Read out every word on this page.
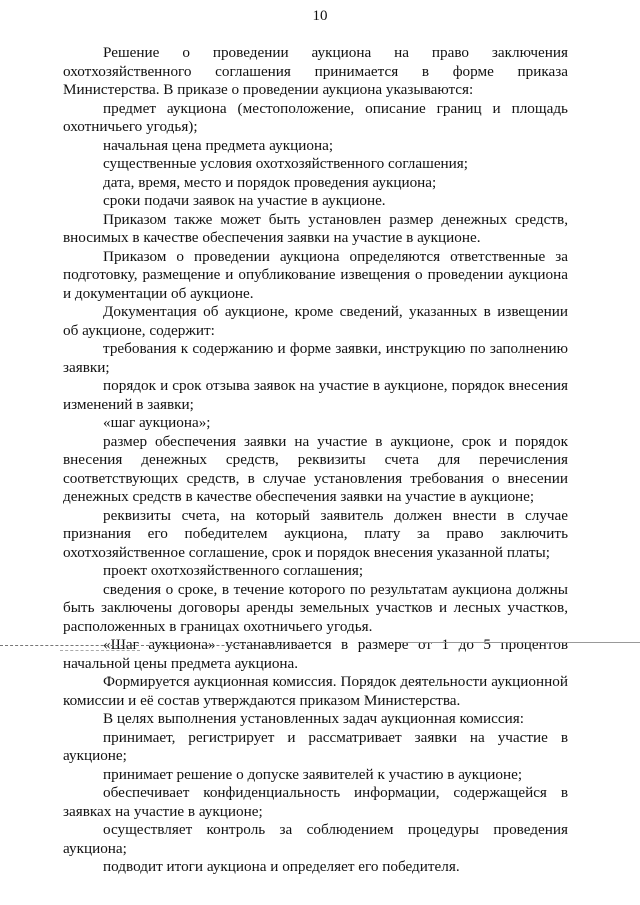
10

Решение о проведении аукциона на право заключения охотхозяйственного соглашения принимается в форме приказа Министерства. В приказе о проведении аукциона указываются:

предмет аукциона (местоположение, описание границ и площадь охотничьего угодья);

начальная цена предмета аукциона;

существенные условия охотхозяйственного соглашения;

дата, время, место и порядок проведения аукциона;

сроки подачи заявок на участие в аукционе.

Приказом также может быть установлен размер денежных средств, вносимых в качестве обеспечения заявки на участие в аукционе.

Приказом о проведении аукциона определяются ответственные за подготовку, размещение и опубликование извещения о проведении аукциона и документации об аукционе.

Документация об аукционе, кроме сведений, указанных в извещении об аукционе, содержит:

требования к содержанию и форме заявки, инструкцию по заполнению заявки;

порядок и срок отзыва заявок на участие в аукционе, порядок внесения изменений в заявки;

«шаг аукциона»;

размер обеспечения заявки на участие в аукционе, срок и порядок внесения денежных средств, реквизиты счета для перечисления соответствующих средств, в случае установления требования о внесении денежных средств в качестве обеспечения заявки на участие в аукционе;

реквизиты счета, на который заявитель должен внести в случае признания его победителем аукциона, плату за право заключить охотхозяйственное соглашение, срок и порядок внесения указанной платы;

проект охотхозяйственного соглашения;

сведения о сроке, в течение которого по результатам аукциона должны быть заключены договоры аренды земельных участков и лесных участков, расположенных в границах охотничьего угодья.

«Шаг аукциона» устанавливается в размере от 1 до 5 процентов начальной цены предмета аукциона.

Формируется аукционная комиссия. Порядок деятельности аукционной комиссии и её состав утверждаются приказом Министерства.

В целях выполнения установленных задач аукционная комиссия:

принимает, регистрирует и рассматривает заявки на участие в аукционе;

принимает решение о допуске заявителей к участию в аукционе;

обеспечивает конфиденциальность информации, содержащейся в заявках на участие в аукционе;

осуществляет контроль за соблюдением процедуры проведения аукциона;

подводит итоги аукциона и определяет его победителя.
